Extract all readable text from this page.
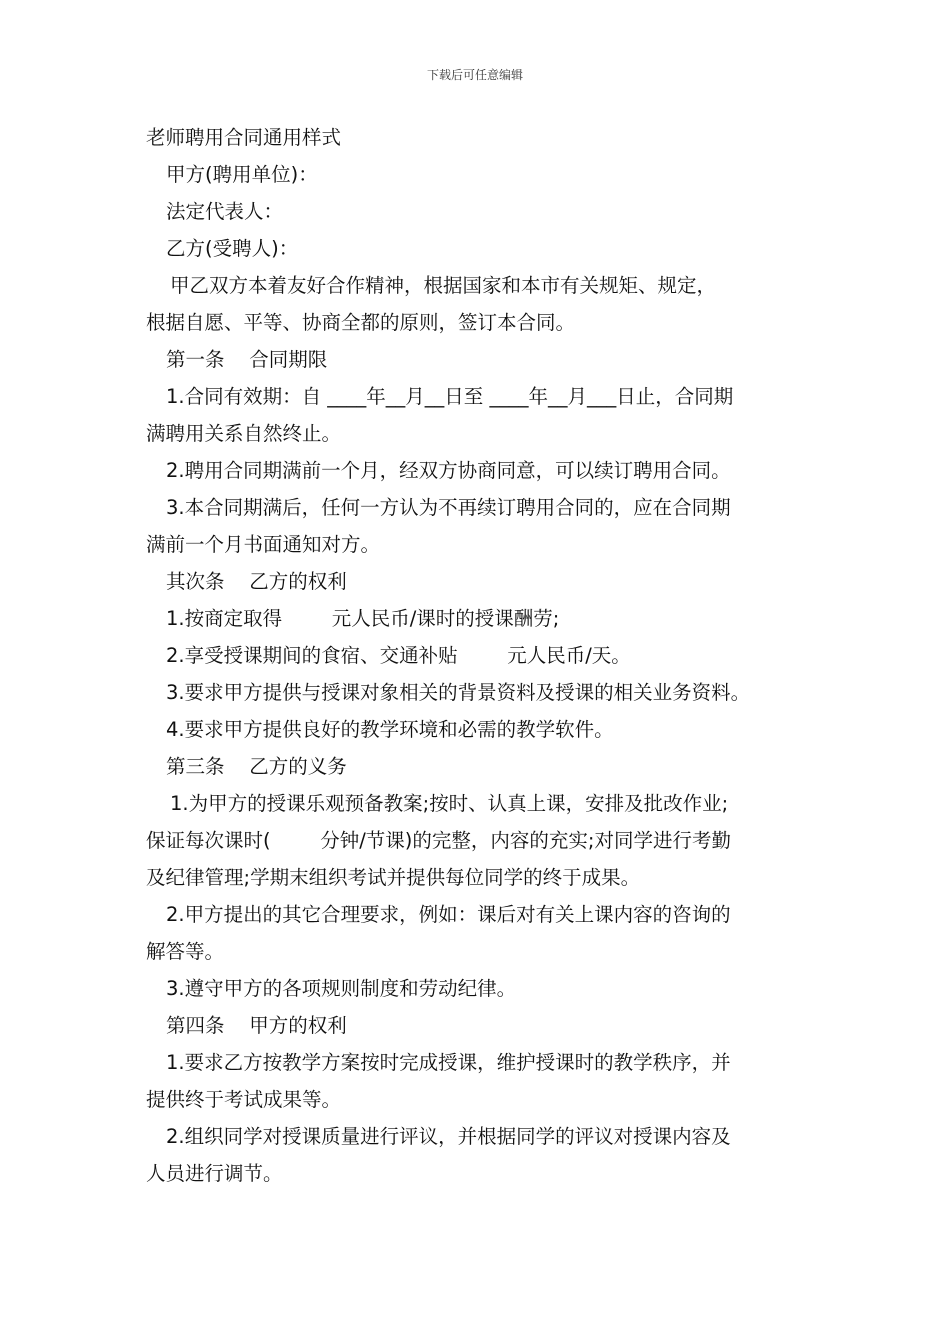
下载后可任意编辑
老师聘用合同通用样式
甲方(聘用单位)：
法定代表人：
乙方(受聘人)：
甲乙双方本着友好合作精神，根据国家和本市有关规矩、规定，
根据自愿、平等、协商全都的原则，签订本合同。
第一条    合同期限
1.合同有效期：自 ____年__月__日至 ____年__月___日止，合同期
满聘用关系自然终止。
2.聘用合同期满前一个月，经双方协商同意，可以续订聘用合同。
3.本合同期满后，任何一方认为不再续订聘用合同的，应在合同期
满前一个月书面通知对方。
其次条    乙方的权利
1.按商定取得        元人民币/课时的授课酬劳;
2.享受授课期间的食宿、交通补贴        元人民币/天。
3.要求甲方提供与授课对象相关的背景资料及授课的相关业务资料。
4.要求甲方提供良好的教学环境和必需的教学软件。
第三条    乙方的义务
1.为甲方的授课乐观预备教案;按时、认真上课，安排及批改作业;
保证每次课时(        分钟/节课)的完整，内容的充实;对同学进行考勤
及纪律管理;学期末组织考试并提供每位同学的终于成果。
2.甲方提出的其它合理要求，例如：课后对有关上课内容的咨询的
解答等。
3.遵守甲方的各项规则制度和劳动纪律。
第四条    甲方的权利
1.要求乙方按教学方案按时完成授课，维护授课时的教学秩序，并
提供终于考试成果等。
2.组织同学对授课质量进行评议，并根据同学的评议对授课内容及
人员进行调节。
